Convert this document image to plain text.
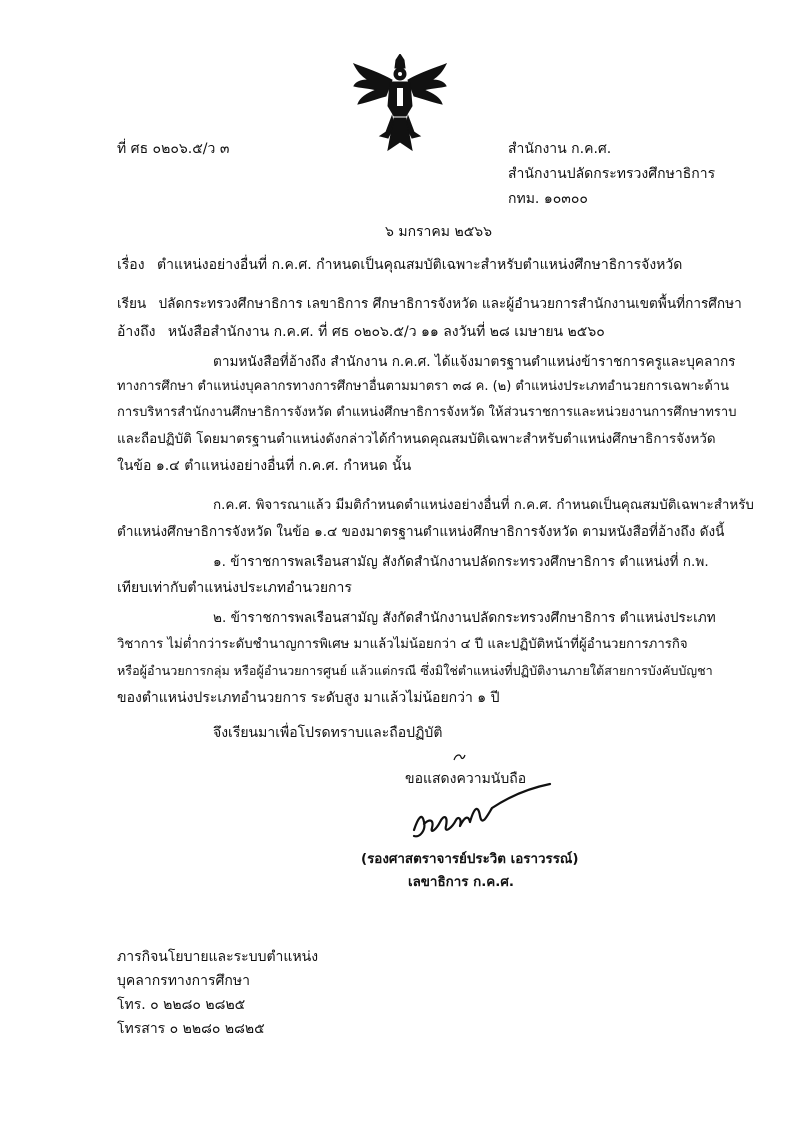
ที่ ศธ ๐๒๐๖.๕/ว ๓	สำนักงาน ก.ค.ศ.
สำนักงานปลัดกระทรวงศึกษาธิการ
กทม. ๑๐๓๐๐
๖ มกราคม ๒๕๖๖
เรื่อง ตำแหน่งอย่างอื่นที่ ก.ค.ศ. กำหนดเป็นคุณสมบัติเฉพาะสำหรับตำแหน่งศึกษาธิการจังหวัด
เรียน ปลัดกระทรวงศึกษาธิการ เลขาธิการ ศึกษาธิการจังหวัด และผู้อำนวยการสำนักงานเขตพื้นที่การศึกษา
อ้างถึง หนังสือสำนักงาน ก.ค.ศ. ที่ ศธ ๐๒๐๖.๕/ว ๑๑ ลงวันที่ ๒๘ เมษายน ๒๕๖๐
ตามหนังสือที่อ้างถึง สำนักงาน ก.ค.ศ. ได้แจ้งมาตรฐานตำแหน่งข้าราชการครูและบุคลากร
ทางการศึกษา ตำแหน่งบุคลากรทางการศึกษาอื่นตามมาตรา ๓๘ ค. (๒) ตำแหน่งประเภทอำนวยการเฉพาะด้าน
การบริหารสำนักงานศึกษาธิการจังหวัด ตำแหน่งศึกษาธิการจังหวัด ให้ส่วนราชการและหน่วยงานการศึกษาทราบ
และถือปฏิบัติ โดยมาตรฐานตำแหน่งดังกล่าวได้กำหนดคุณสมบัติเฉพาะสำหรับตำแหน่งศึกษาธิการจังหวัด
ในข้อ ๑.๔ ตำแหน่งอย่างอื่นที่ ก.ค.ศ. กำหนด นั้น
ก.ค.ศ. พิจารณาแล้ว มีมติกำหนดตำแหน่งอย่างอื่นที่ ก.ค.ศ. กำหนดเป็นคุณสมบัติเฉพาะสำหรับ
ตำแหน่งศึกษาธิการจังหวัด ในข้อ ๑.๔ ของมาตรฐานตำแหน่งศึกษาธิการจังหวัด ตามหนังสือที่อ้างถึง ดังนี้
๑. ข้าราชการพลเรือนสามัญ สังกัดสำนักงานปลัดกระทรวงศึกษาธิการ ตำแหน่งที่ ก.พ.
เทียบเท่ากับตำแหน่งประเภทอำนวยการ
๒. ข้าราชการพลเรือนสามัญ สังกัดสำนักงานปลัดกระทรวงศึกษาธิการ ตำแหน่งประเภท
วิชาการ ไม่ต่ำกว่าระดับชำนาญการพิเศษ มาแล้วไม่น้อยกว่า ๔ ปี และปฏิบัติหน้าที่ผู้อำนวยการภารกิจ
หรือผู้อำนวยการกลุ่ม หรือผู้อำนวยการศูนย์ แล้วแต่กรณี ซึ่งมิใช่ตำแหน่งที่ปฏิบัติงานภายใต้สายการบังคับบัญชา
ของตำแหน่งประเภทอำนวยการ ระดับสูง มาแล้วไม่น้อยกว่า ๑ ปี
จึงเรียนมาเพื่อโปรดทราบและถือปฏิบัติ
ขอแสดงความนับถือ
(รองศาสตราจารย์ประวิต เอราวรรณ์)
เลขาธิการ ก.ค.ศ.
ภารกิจนโยบายและระบบตำแหน่ง
บุคลากรทางการศึกษา
โทร. ๐ ๒๒๘๐ ๒๘๒๕
โทรสาร ๐ ๒๒๘๐ ๒๘๒๕
